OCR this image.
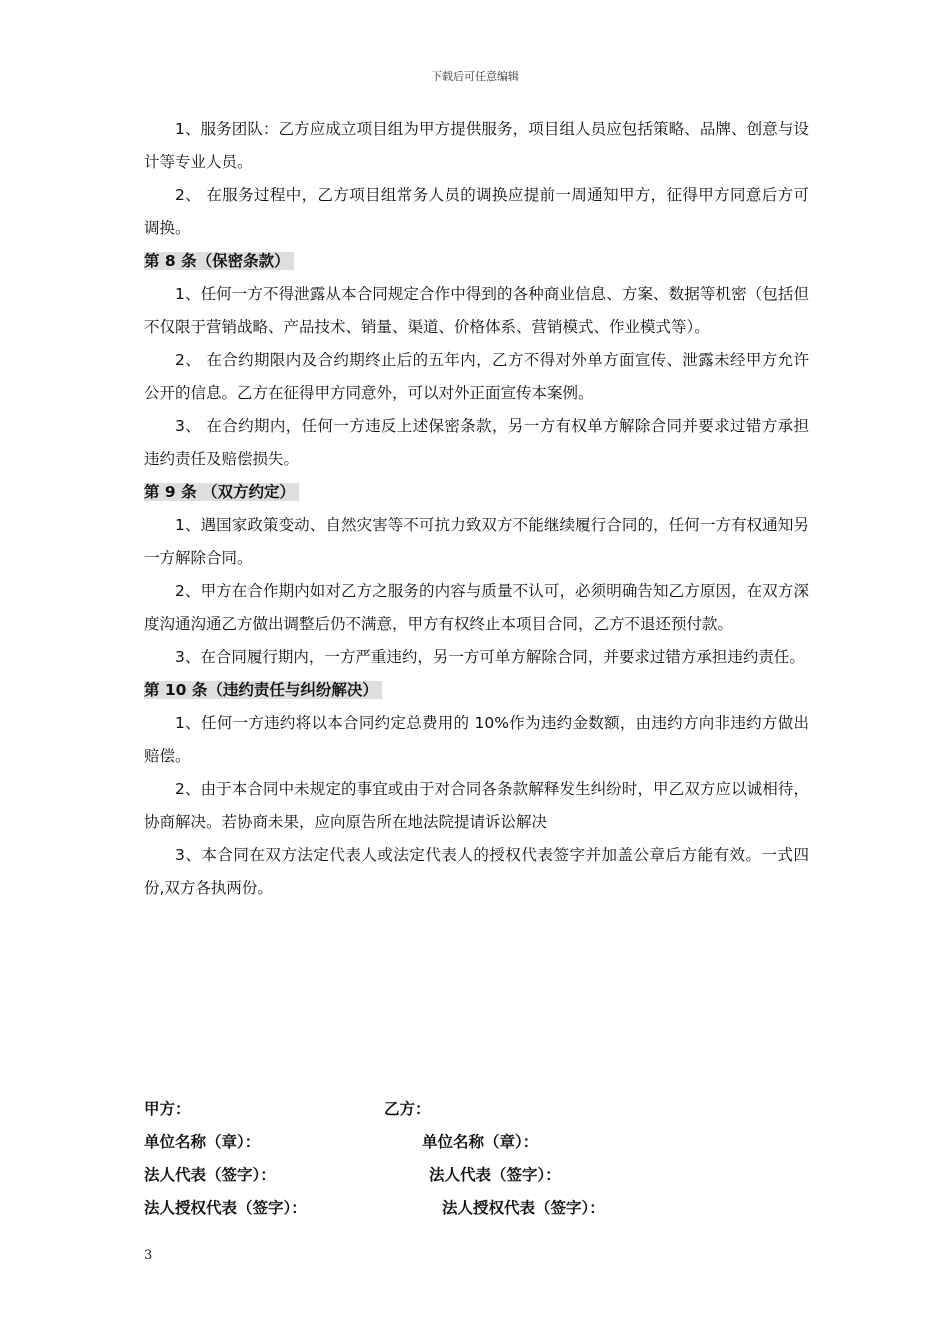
下载后可任意编辑

1、服务团队：乙方应成立项目组为甲方提供服务，项目组人员应包括策略、品牌、创意与设计等专业人员。

2、 在服务过程中，乙方项目组常务人员的调换应提前一周通知甲方，征得甲方同意后方可调换。

第 8 条（保密条款）

1、任何一方不得泄露从本合同规定合作中得到的各种商业信息、方案、数据等机密（包括但不仅限于营销战略、产品技术、销量、渠道、价格体系、营销模式、作业模式等）。

2、 在合约期限内及合约期终止后的五年内，乙方不得对外单方面宣传、泄露未经甲方允许公开的信息。乙方在征得甲方同意外，可以对外正面宣传本案例。

3、 在合约期内，任何一方违反上述保密条款，另一方有权单方解除合同并要求过错方承担违约责任及赔偿损失。

第 9 条 （双方约定）

1、遇国家政策变动、自然灾害等不可抗力致双方不能继续履行合同的，任何一方有权通知另一方解除合同。

2、甲方在合作期内如对乙方之服务的内容与质量不认可，必须明确告知乙方原因，在双方深度沟通沟通乙方做出调整后仍不满意，甲方有权终止本项目合同，乙方不退还预付款。

3、在合同履行期内，一方严重违约，另一方可单方解除合同，并要求过错方承担违约责任。

第 10 条（违约责任与纠纷解决）

1、任何一方违约将以本合同约定总费用的 10%作为违约金数额，由违约方向非违约方做出赔偿。

2、由于本合同中未规定的事宜或由于对合同各条款解释发生纠纷时，甲乙双方应以诚相待，协商解决。若协商未果，应向原告所在地法院提请诉讼解决

3、本合同在双方法定代表人或法定代表人的授权代表签字并加盖公章后方能有效。一式四份,双方各执两份。

甲方：	乙方：
单位名称（章）：	单位名称（章）：
法人代表（签字）：	法人代表（签字）：
法人授权代表（签字）：	法人授权代表（签字）：
3
